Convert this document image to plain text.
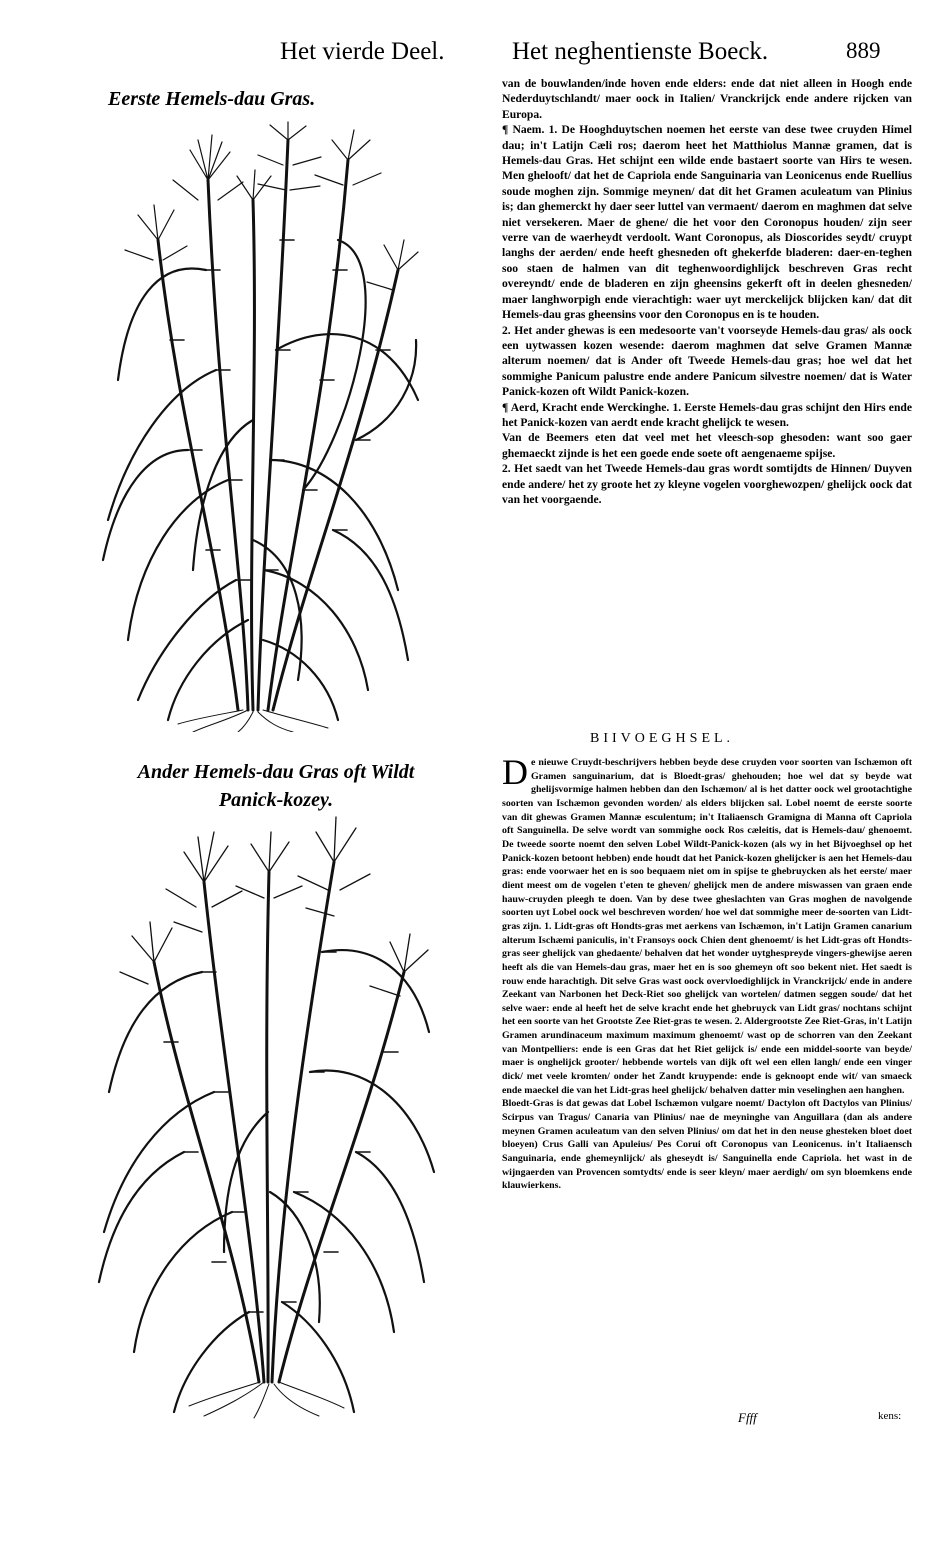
Het vierde Deel.	Het neghentienste Boeck.	889
Eerste Hemels-dau Gras.
Ander Hemels-dau Gras oft Wildt
Panick-kozey.

van de bouwlanden/inde hoven ende elders: ende dat niet alleen in Hoogh ende Nederduytschlandt/ maer oock in Italien/ Vranckrijck ende andere rijcken van Europa.

¶ Naem. 1. De Hooghduytschen noemen het eerste van dese twee cruyden Himel dau; in't Latijn Cæli ros; daerom heet het Matthiolus Mannæ gramen, dat is Hemels-dau Gras. Het schijnt een wilde ende bastaert soorte van Hirs te wesen. Men ghelooft/ dat het de Capriola ende Sanguinaria van Leonicenus ende Ruellius soude moghen zijn. Sommige meynen/ dat dit het Gramen aculeatum van Plinius is; dan ghemerckt hy daer seer luttel van vermaent/ daerom en maghmen dat selve niet versekeren. Maer de ghene/ die het voor den Coronopus houden/ zijn seer verre van de waerheydt verdoolt. Want Coronopus, als Dioscorides seydt/ cruypt langhs der aerden/ ende heeft ghesneden oft ghekerfde bladeren: daer-en-teghen soo staen de halmen van dit teghenwoordighlijck beschreven Gras recht overeyndt/ ende de bladeren en zijn gheensins gekerft oft in deelen ghesneden/ maer langhworpigh ende vierachtigh: waer uyt merckelijck blijcken kan/ dat dit Hemels-dau gras gheensins voor den Coronopus en is te houden.

2. Het ander ghewas is een medesoorte van't voorseyde Hemels-dau gras/ als oock een uytwassen kozen wesende: daerom maghmen dat selve Gramen Mannæ alterum noemen/ dat is Ander oft Tweede Hemels-dau gras; hoe wel dat het sommighe Panicum palustre ende andere Panicum silvestre noemen/ dat is Water Panick-kozen oft Wildt Panick-kozen.

¶ Aerd, Kracht ende Werckinghe. 1. Eerste Hemels-dau gras schijnt den Hirs ende het Panick-kozen van aerdt ende kracht ghelijck te wesen.

Van de Beemers eten dat veel met het vleesch-sop ghesoden: want soo gaer ghemaeckt zijnde is het een goede ende soete oft aengenaeme spijse.

2. Het saedt van het Tweede Hemels-dau gras wordt somtijdts de Hinnen/ Duyven ende andere/ het zy groote het zy kleyne vogelen voorghewozpen/ ghelijck oock dat van het voorgaende.

BIIVOEGHSEL.

De nieuwe Cruydt-beschrijvers hebben beyde dese cruyden voor soorten van Ischæmon oft Gramen sanguinarium, dat is Bloedt-gras/ ghehouden; hoe wel dat sy beyde wat ghelijsvormige halmen hebben dan den Ischæmon/ al is het datter oock wel grootachtighe soorten van Ischæmon gevonden worden/ als elders blijcken sal. Lobel noemt de eerste soorte van dit ghewas Gramen Mannæ esculentum; in't Italiaensch Gramigna di Manna oft Capriola oft Sanguinella. De selve wordt van sommighe oock Ros cæleitis, dat is Hemels-dau/ ghenoemt. De tweede soorte noemt den selven Lobel Wildt-Panick-kozen (als wy in het Bijvoeghsel op het Panick-kozen betoont hebben) ende houdt dat het Panick-kozen ghelijcker is aen het Hemels-dau gras: ende voorwaer het en is soo bequaem niet om in spijse te ghebruycken als het eerste/ maer dient meest om de vogelen t'eten te gheven/ ghelijck men de andere miswassen van graen ende hauw-cruyden pleegh te doen. Van by dese twee gheslachten van Gras moghen de navolgende soorten uyt Lobel oock wel beschreven worden/ hoe wel dat sommighe meer de-soorten van Lidt-gras zijn. 1. Lidt-gras oft Hondts-gras met aerkens van Ischæmon, in't Latijn Gramen canarium alterum Ischæmi paniculis, in't Fransoys oock Chien dent ghenoemt/ is het Lidt-gras oft Hondts-gras seer ghelijck van ghedaente/ behalven dat het wonder uytghespreyde vingers-ghewijse aeren heeft als die van Hemels-dau gras, maer het en is soo ghemeyn oft soo bekent niet. Het saedt is rouw ende harachtigh. Dit selve Gras wast oock overvloedighlijck in Vranckrijck/ ende in andere Zeekant van Narbonen het Deck-Riet soo ghelijck van wortelen/ datmen seggen soude/ dat het selve waer: ende al heeft het de selve kracht ende het ghebruyck van Lidt gras/ nochtans schijnt het een soorte van het Grootste Zee Riet-gras te wesen. 2. Aldergrootste Zee Riet-Gras, in't Latijn Gramen arundinaceum maximum maximum ghenoemt/ wast op de schorren van den Zeekant van Montpelliers: ende is een Gras dat het Riet gelijck is/ ende een middel-soorte van beyde/ maer is onghelijck grooter/ hebbende wortels van dijk oft wel een ellen langh/ ende een vinger dick/ met veele kromten/ onder het Zandt kruypende: ende is geknoopt ende wit/ van smaeck ende maeckel die van het Lidt-gras heel ghelijck/ behalven datter min veselinghen aen hanghen.

Bloedt-Gras is dat gewas dat Lobel Ischæmon vulgare noemt/ Dactylon oft Dactylos van Plinius/ Scirpus van Tragus/ Canaria van Plinius/ nae de meyninghe van Anguillara (dan als andere meynen Gramen aculeatum van den selven Plinius/ om dat het in den neuse ghesteken bloet doet bloeyen) Crus Galli van Apuleius/ Pes Corui oft Coronopus van Leonicenus. in't Italiaensch Sanguinaria, ende ghemeynlijck/ als gheseydt is/ Sanguinella ende Capriola. het wast in de wijngaerden van Provencen somtydts/ ende is seer kleyn/ maer aerdigh/ om syn bloemkens ende klauwierkens.

Ffff	kens:
